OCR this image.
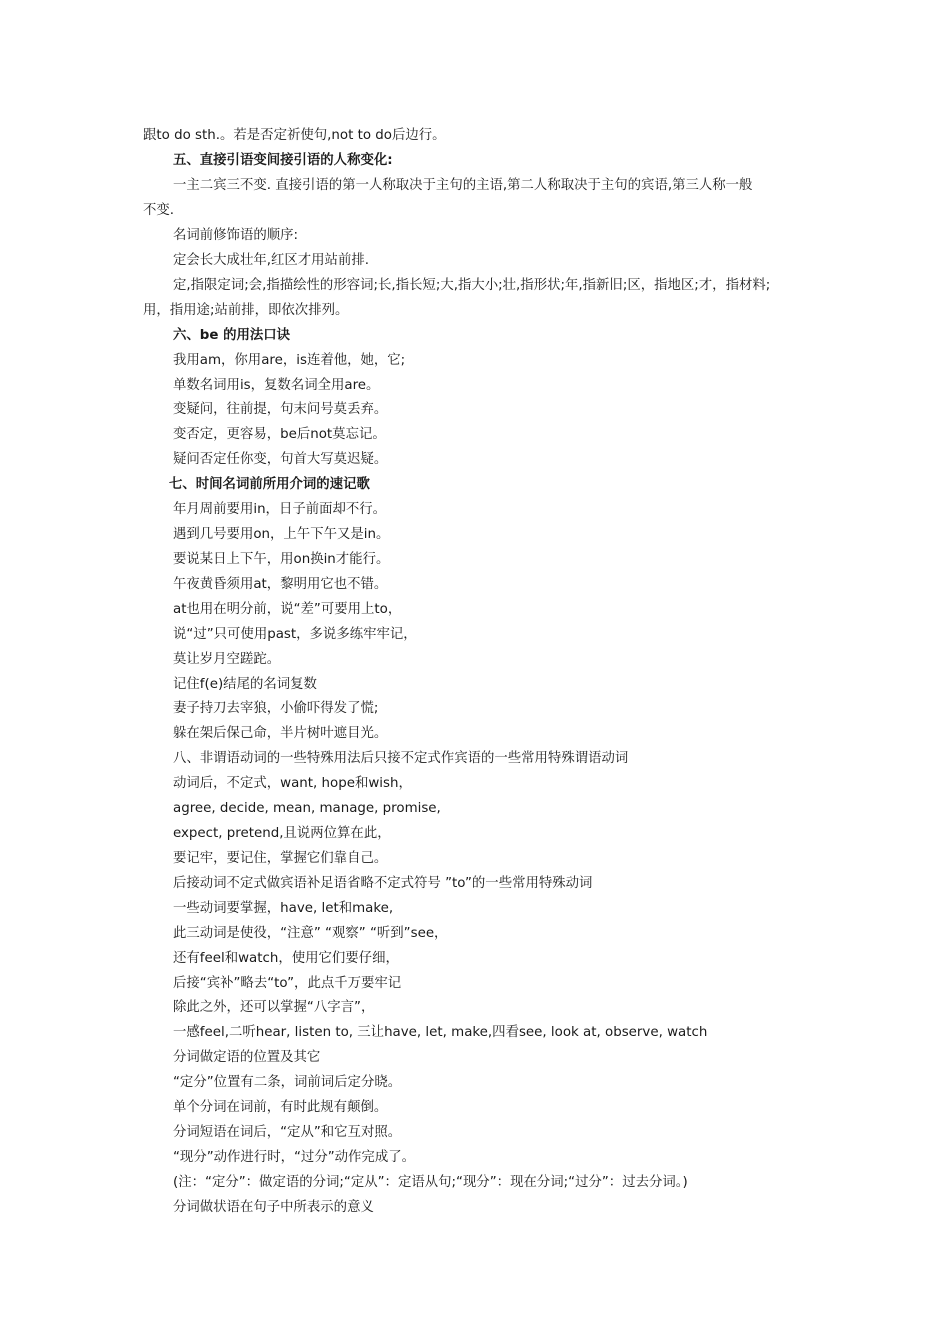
跟to do sth.。若是否定祈使句,not to do后边行。
五、直接引语变间接引语的人称变化:
一主二宾三不变. 直接引语的第一人称取决于主句的主语,第二人称取决于主句的宾语,第三人称一般
不变.
名词前修饰语的顺序:
定会长大成壮年,红区才用站前排.
定,指限定词;会,指描绘性的形容词;长,指长短;大,指大小;壮,指形状;年,指新旧;区，指地区;才，指材料;
用，指用途;站前排，即依次排列。
六、be 的用法口诀
我用am，你用are，is连着他，她，它;
单数名词用is，复数名词全用are。
变疑问，往前提，句末问号莫丢弃。
变否定，更容易，be后not莫忘记。
疑问否定任你变，句首大写莫迟疑。
七、时间名词前所用介词的速记歌
年月周前要用in，日子前面却不行。
遇到几号要用on，上午下午又是in。
要说某日上下午，用on换in才能行。
午夜黄昏须用at，黎明用它也不错。
at也用在明分前，说“差”可要用上to，
说“过”只可使用past，多说多练牢牢记，
莫让岁月空蹉跎。
记住f(e)结尾的名词复数
妻子持刀去宰狼，小偷吓得发了慌;
躲在架后保己命，半片树叶遮目光。
八、非谓语动词的一些特殊用法后只接不定式作宾语的一些常用特殊谓语动词
动词后，不定式，want, hope和wish，
agree, decide, mean, manage, promise,
expect, pretend,且说两位算在此，
要记牢，要记住，掌握它们靠自己。
后接动词不定式做宾语补足语省略不定式符号 ”to”的一些常用特殊动词
一些动词要掌握，have, let和make,
此三动词是使役，“注意” “观察” “听到”see，
还有feel和watch，使用它们要仔细，
后接“宾补”略去“to”，此点千万要牢记
除此之外，还可以掌握“八字言”，
一感feel,二听hear, listen to, 三让have, let, make,四看see, look at, observe, watch
分词做定语的位置及其它
“定分”位置有二条，词前词后定分晓。
单个分词在词前，有时此规有颠倒。
分词短语在词后，“定从”和它互对照。
“现分”动作进行时，“过分”动作完成了。
(注：“定分”：做定语的分词;“定从”：定语从句;“现分”：现在分词;“过分”：过去分词。)
分词做状语在句子中所表示的意义
